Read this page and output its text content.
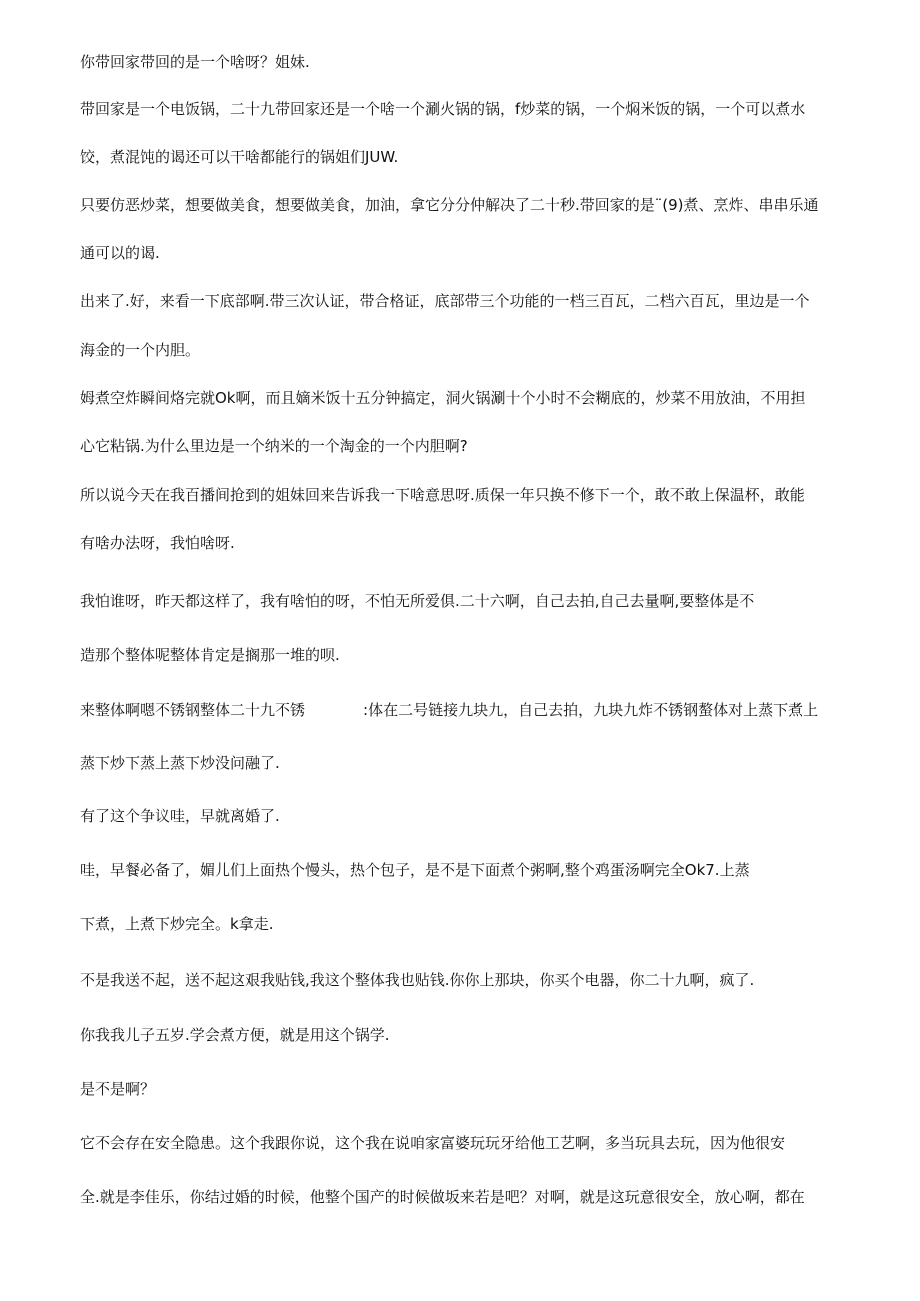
你带回家带回的是一个啥呀？姐妹.
带回家是一个电饭锅，二十九带回家还是一个啥一个涮火锅的锅，f炒菜的锅，一个焖米饭的锅，一个可以煮水
饺，煮混饨的谒还可以干啥都能行的锅姐们JUW.
只要仿恶炒菜，想要做美食，想要做美食，加油，拿它分分仲解决了二十秒.带回家的是¨(9)煮、烹炸、串串乐通
通可以的谒.
出来了.好，来看一下底部啊.带三次认证，带合格证，底部带三个功能的一档三百瓦，二档六百瓦，里边是一个
海金的一个内胆。
姆煮空炸瞬间烙完就Ok啊，而且嫡米饭十五分钟搞定，洞火锅涮十个小时不会糊底的，炒菜不用放油，不用担
心它粘锅.为什么里边是一个纳米的一个淘金的一个内胆啊?
所以说今天在我百播间抢到的姐妹回来告诉我一下啥意思呀.质保一年只换不修下一个，敢不敢上保温杯，敢能
有啥办法呀，我怕啥呀.
我怕谁呀，昨天都这样了，我有啥怕的呀，不怕无所爱俱.二十六啊，自己去拍,自己去量啊,要整体是不
造那个整体呢整体肯定是搁那一堆的呗.
来整体啊嗯不锈钢整体二十九不锈	:体在二号链接九块九，自己去拍，九块九炸不锈钢螯体对上蒸下煮上
蒸下炒下蒸上蒸下炒没问融了.
有了这个争议哇，早就离婚了.
哇，早餐必备了，媚儿们上面热个慢头，热个包子，是不是下面煮个粥啊,整个鸡蛋汤啊完全Ok7.上蒸
下煮，上煮下炒完全。k拿走.
不是我送不起，送不起这艰我贴钱,我这个整体我也贴钱.你你上那块，你买个电器，你二十九啊，疯了.
你我我儿子五岁.学会煮方便，就是用这个锅学.
是不是啊？
它不会存在安全隐患。这个我跟你说，这个我在说咱家富婆玩玩牙给他工艺啊，多当玩具去玩，因为他很安
全.就是李佳乐，你结过婚的时候，他整个国产的时候做坂来若是吧？对啊，就是这玩意很安全，放心啊，都在
